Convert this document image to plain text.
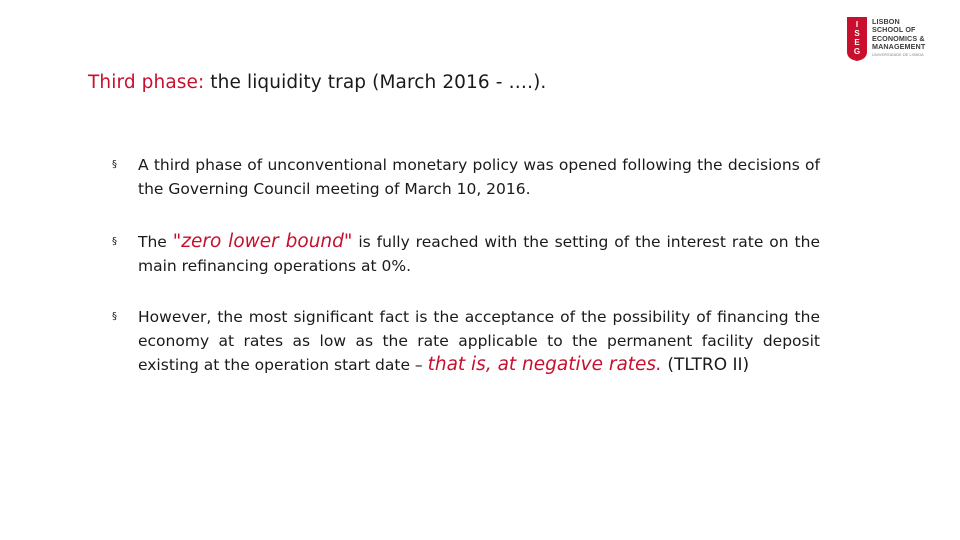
I
S
E
G
LISBON
SCHOOL OF
ECONOMICS &
MANAGEMENT
UNIVERSIDADE DE LISBOA
Third phase: the liquidity trap (March 2016 - ….).
§ A third phase of unconventional monetary policy was opened following the decisions of the Governing Council meeting of March 10, 2016.
§ The "zero lower bound" is fully reached with the setting of the interest rate on the main refinancing operations at 0%.
§ However, the most significant fact is the acceptance of the possibility of financing the economy at rates as low as the rate applicable to the permanent facility deposit existing at the operation start date – that is, at negative rates. (TLTRO II)
